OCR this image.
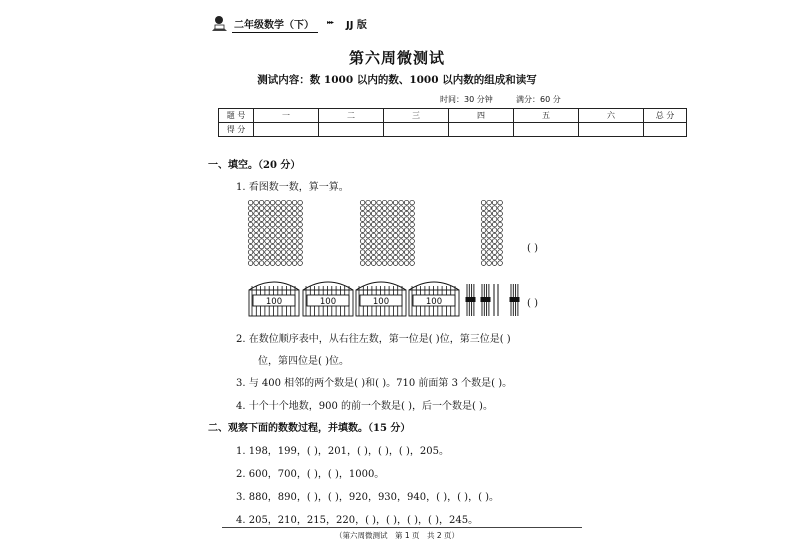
二年级数学（下）	▸▸▸ JJ 版
第六周微测试
测试内容：数 1000 以内的数、1000 以内数的组成和读写
时间：30 分钟	满分：60 分
题 号	一	二	三	四	五	六	总 分
得 分							
一、填空。（20 分）
1. 看图数一数，算一算。
100	100	100	100
( )
( )
2. 在数位顺序表中，从右往左数，第一位是( )位，第三位是( )
位，第四位是( )位。
3. 与 400 相邻的两个数是( )和( )。710 前面第 3 个数是( )。
4. 十个十个地数，900 的前一个数是( )，后一个数是( )。
二、观察下面的数数过程，并填数。（15 分）
1. 198，199，( )，201，( )，( )，( )，205。
2. 600，700，( )，( )，1000。
3. 880，890，( )，( )，920，930，940，( )，( )，( )。
4. 205，210，215，220，( )，( )，( )，( )，245。
（第六周微测试　第 1 页　共 2 页）
